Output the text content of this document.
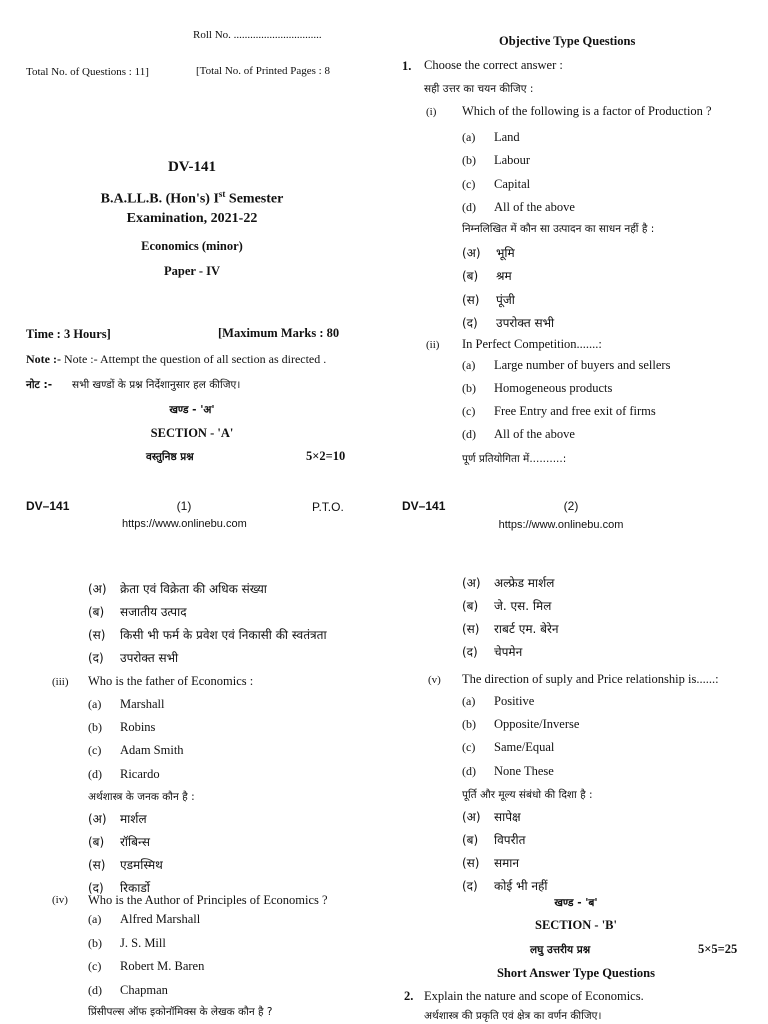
Roll No. ................................
Total No. of Questions : 11]	[Total No. of Printed Pages : 8
DV-141
B.A.LL.B. (Hon's) Ist Semester
Examination, 2021-22
Economics (minor)
Paper - IV
Time : 3 Hours]	[Maximum Marks : 80
Note :- Note :- Attempt the question of all section as directed .
नोट :- सभी खण्डों के प्रश्न निर्देशानुसार हल कीजिए।
खण्ड - 'अ'
SECTION - 'A'
वस्तुनिष्ठ प्रश्न	5×2=10
DV–141	(1)	P.T.O.
Objective Type Questions
1. Choose the correct answer :
सही उत्तर का चयन कीजिए :
(i) Which of the following is a factor of Production ?
(a) Land
(b) Labour
(c) Capital
(d) All of the above
निम्नलिखित में कौन सा उत्पादन का साधन नहीं है :
(अ) भूमि
(ब) श्रम
(स) पूंजी
(द) उपरोक्त सभी
(ii) In Perfect Competition.......:
(a) Large number of buyers and sellers
(b) Homogeneous products
(c) Free Entry and free exit of firms
(d) All of the above
पूर्ण प्रतियोगिता में..........:
DV–141	(2)
https://www.onlinebu.com
https://www.onlinebu.com
(अ) क्रेता एवं विक्रेता की अधिक संख्या
(ब) सजातीय उत्पाद
(स) किसी भी फर्म के प्रवेश एवं निकासी की स्वतंत्रता
(द) उपरोक्त सभी
(iii) Who is the father of Economics :
(a) Marshall
(b) Robins
(c) Adam Smith
(d) Ricardo
अर्थशास्त्र के जनक कौन है :
(अ) मार्शल
(ब) रॉबिन्स
(स) एडमस्मिथ
(द) रिकार्डो
(iv) Who is the Author of Principles of Economics ?
(a) Alfred Marshall
(b) J. S. Mill
(c) Robert M. Baren
(d) Chapman
प्रिंसीपल्स ऑफ इकोनॉमिक्स के लेखक कौन है ?
(अ) अल्फ्रेड मार्शल
(ब) जे. एस. मिल
(स) राबर्ट एम. बेरेन
(द) चेपमेन
(v) The direction of suply and Price relationship is......:
(a) Positive
(b) Opposite/Inverse
(c) Same/Equal
(d) None These
पूर्ति और मूल्य संबंधो की दिशा है :
(अ) सापेक्ष
(ब) विपरीत
(स) समान
(द) कोई भी नहीं
खण्ड - 'ब'
SECTION - 'B'
लघु उत्तरीय प्रश्न	5×5=25
Short Answer Type Questions
2. Explain the nature and scope of Economics.
अर्थशास्त्र की प्रकृति एवं क्षेत्र का वर्णन कीजिए।
